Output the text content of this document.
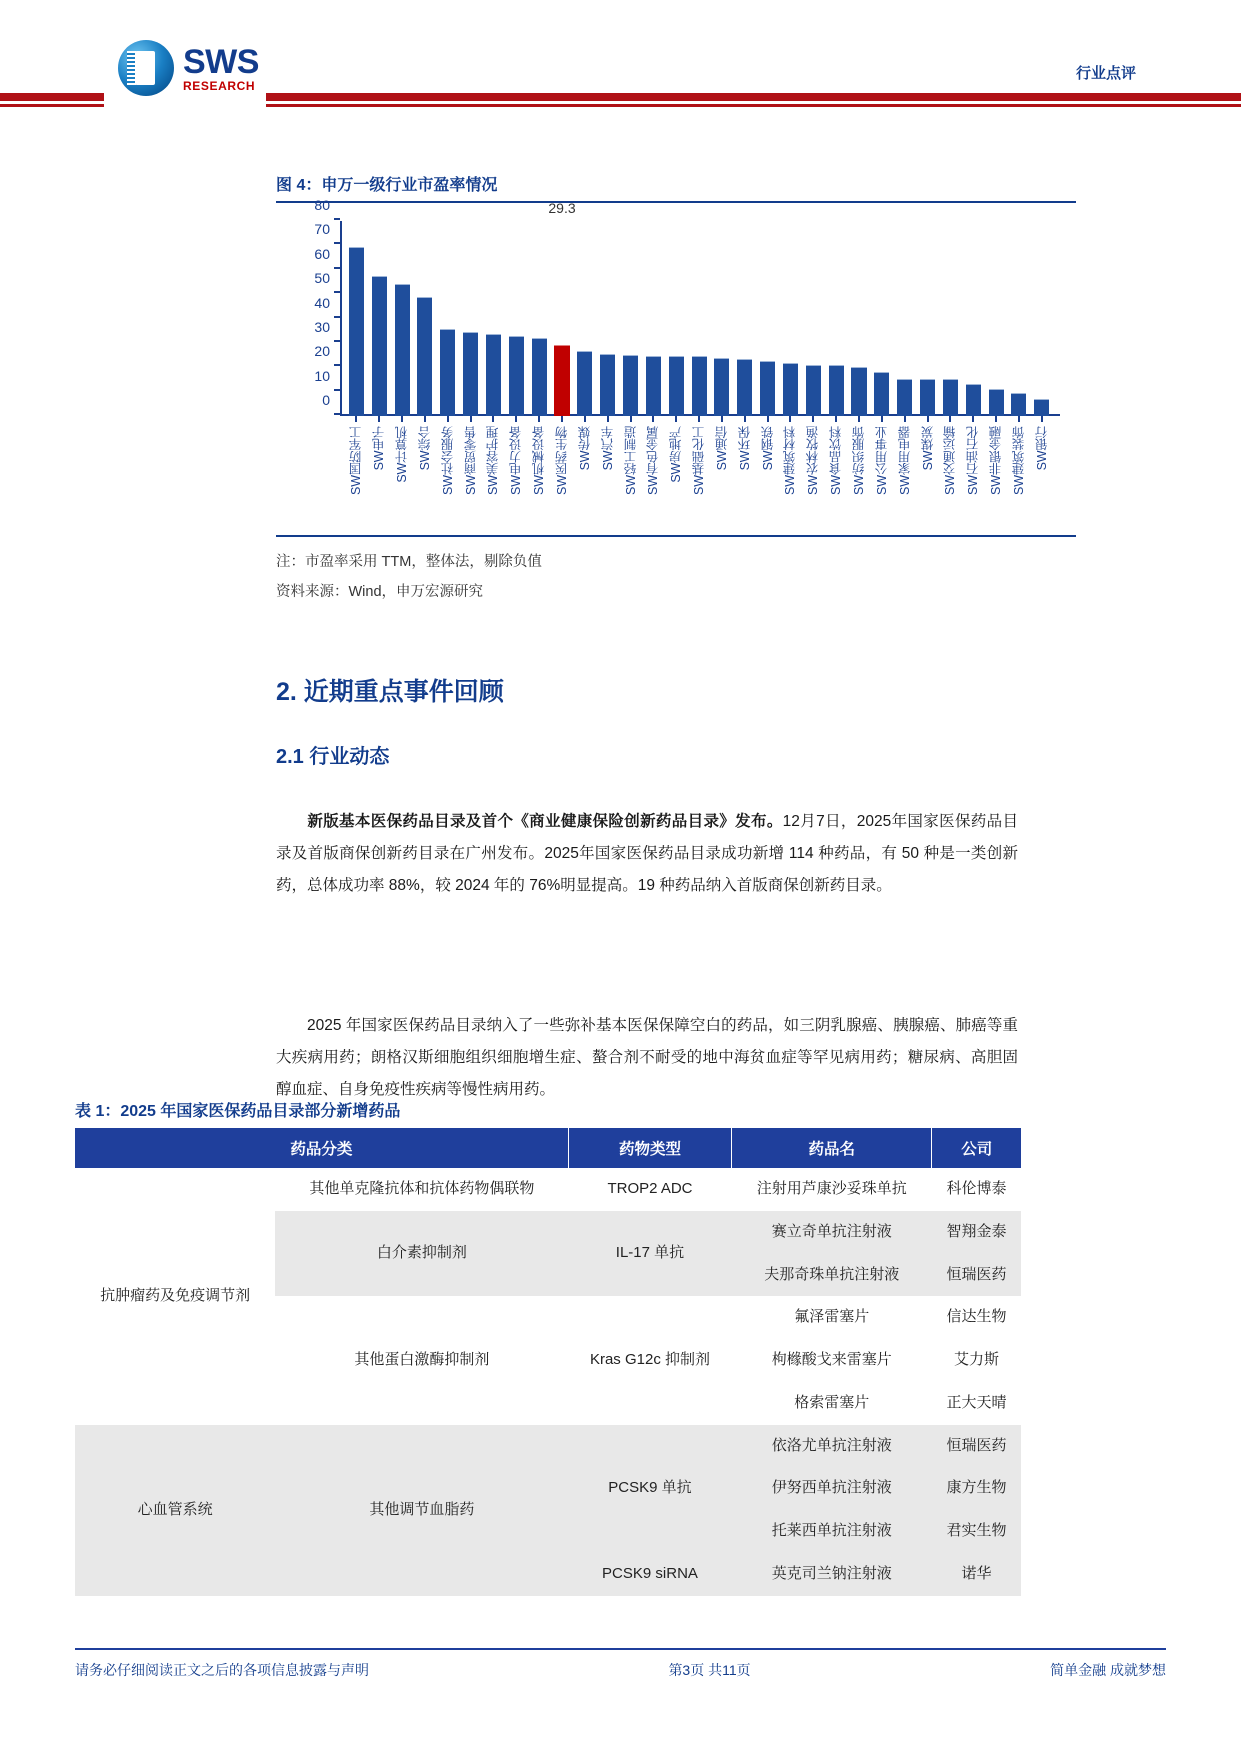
SWS
RESEARCH
行业点评
图 4：申万一级行业市盈率情况
0
10
20
30
40
50
60
70
80	29.3
SW国防军工 SW电子 SW计算机 SW综合 SW社会服务 SW商贸零售 SW美容护理 SW电力设备 SW机械设备 SW医药生物 SW传媒 SW汽车 SW轻工制造 SW有色金属 SW房地产 SW基础化工 SW通信 SW环保 SW钢铁 SW建筑材料 SW农林牧渔 SW食品饮料 SW纺织服饰 SW公用事业 SW家用电器 SW煤炭 SW交通运输 SW石油石化 SW非银金融 SW建筑装饰 SW银行
注：市盈率采用 TTM，整体法，剔除负值
资料来源：Wind，申万宏源研究
2. 近期重点事件回顾
2.1 行业动态
新版基本医保药品目录及首个《商业健康保险创新药品目录》发布。12月7日，2025年国家医保药品目录及首版商保创新药目录在广州发布。2025年国家医保药品目录成功新增 114 种药品，有 50 种是一类创新药，总体成功率 88%，较 2024 年的 76%明显提高。19 种药品纳入首版商保创新药目录。
2025 年国家医保药品目录纳入了一些弥补基本医保保障空白的药品，如三阴乳腺癌、胰腺癌、肺癌等重大疾病用药；朗格汉斯细胞组织细胞增生症、螯合剂不耐受的地中海贫血症等罕见病用药；糖尿病、高胆固醇血症、自身免疫性疾病等慢性病用药。
表 1：2025 年国家医保药品目录部分新增药品
药品分类		药物类型	药品名	公司
抗肿瘤药及免疫调节剂	其他单克隆抗体和抗体药物偶联物	TROP2 ADC	注射用芦康沙妥珠单抗	科伦博泰
	白介素抑制剂	IL-17 单抗	赛立奇单抗注射液	智翔金泰
			夫那奇珠单抗注射液	恒瑞医药
	其他蛋白激酶抑制剂	Kras G12c 抑制剂	氟泽雷塞片	信达生物
			枸橼酸戈来雷塞片	艾力斯
			格索雷塞片	正大天晴
心血管系统	其他调节血脂药	PCSK9 单抗	依洛尤单抗注射液	恒瑞医药
			伊努西单抗注射液	康方生物
			托莱西单抗注射液	君实生物
		PCSK9 siRNA	英克司兰钠注射液	诺华
请务必仔细阅读正文之后的各项信息披露与声明	第3页 共11页	简单金融 成就梦想
